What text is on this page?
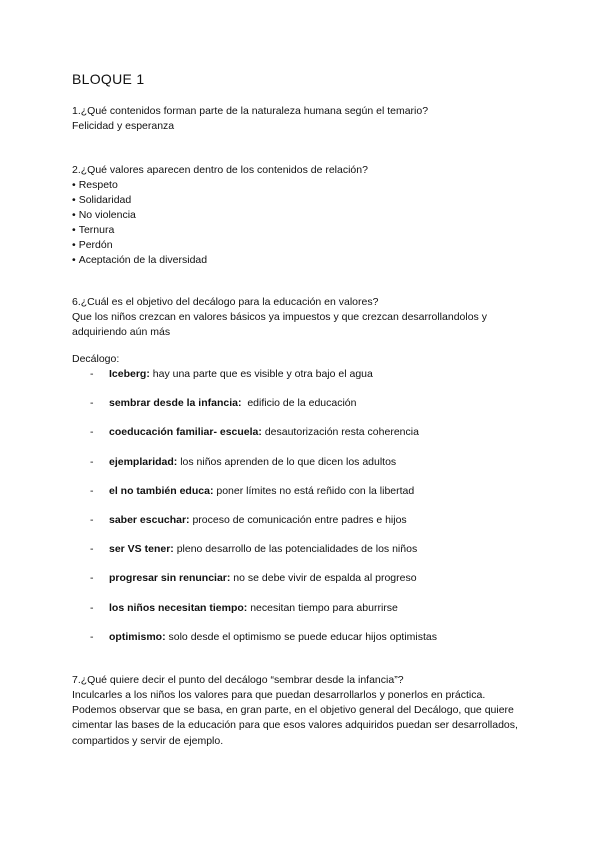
BLOQUE 1
1.¿Qué contenidos forman parte de la naturaleza humana según el temario?
Felicidad y esperanza
2.¿Qué valores aparecen dentro de los contenidos de relación?
• Respeto
• Solidaridad
• No violencia
• Ternura
• Perdón
• Aceptación de la diversidad
6.¿Cuál es el objetivo del decálogo para la educación en valores?
Que los niños crezcan en valores básicos ya impuestos y que crezcan desarrollandolos y adquiriendo aún más
Decálogo:
- Iceberg: hay una parte que es visible y otra bajo el agua
- sembrar desde la infancia:  edificio de la educación
- coeducación familiar- escuela: desautorización resta coherencia
- ejemplaridad: los niños aprenden de lo que dicen los adultos
- el no también educa: poner límites no está reñido con la libertad
- saber escuchar: proceso de comunicación entre padres e hijos
- ser VS tener: pleno desarrollo de las potencialidades de los niños
- progresar sin renunciar: no se debe vivir de espalda al progreso
- los niños necesitan tiempo: necesitan tiempo para aburrirse
- optimismo: solo desde el optimismo se puede educar hijos optimistas
7.¿Qué quiere decir el punto del decálogo “sembrar desde la infancia”?
Inculcarles a los niños los valores para que puedan desarrollarlos y ponerlos en práctica. Podemos observar que se basa, en gran parte, en el objetivo general del Decálogo, que quiere cimentar las bases de la educación para que esos valores adquiridos puedan ser desarrollados, compartidos y servir de ejemplo.
